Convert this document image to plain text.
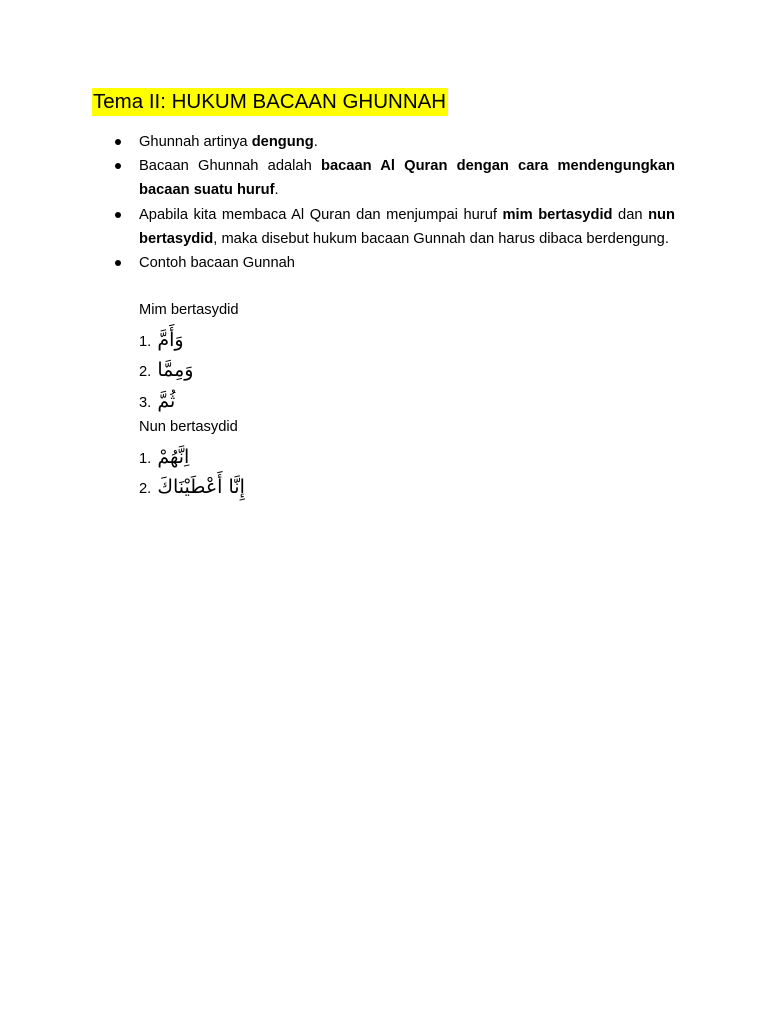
Tema II: HUKUM BACAAN GHUNNAH
Ghunnah artinya dengung.
Bacaan Ghunnah adalah bacaan Al Quran dengan cara mendengungkan bacaan suatu huruf.
Apabila kita membaca Al Quran dan menjumpai huruf mim bertasydid dan nun bertasydid, maka disebut hukum bacaan Gunnah dan harus dibaca berdengung.
Contoh bacaan Gunnah
Mim bertasydid
1. وَأَمَّ
2. وَمِمَّا
3. ثُمَّ
Nun bertasydid
1. اِنَّهُمْ
2. إِنَّا أَعْطَيْنَاكَ
